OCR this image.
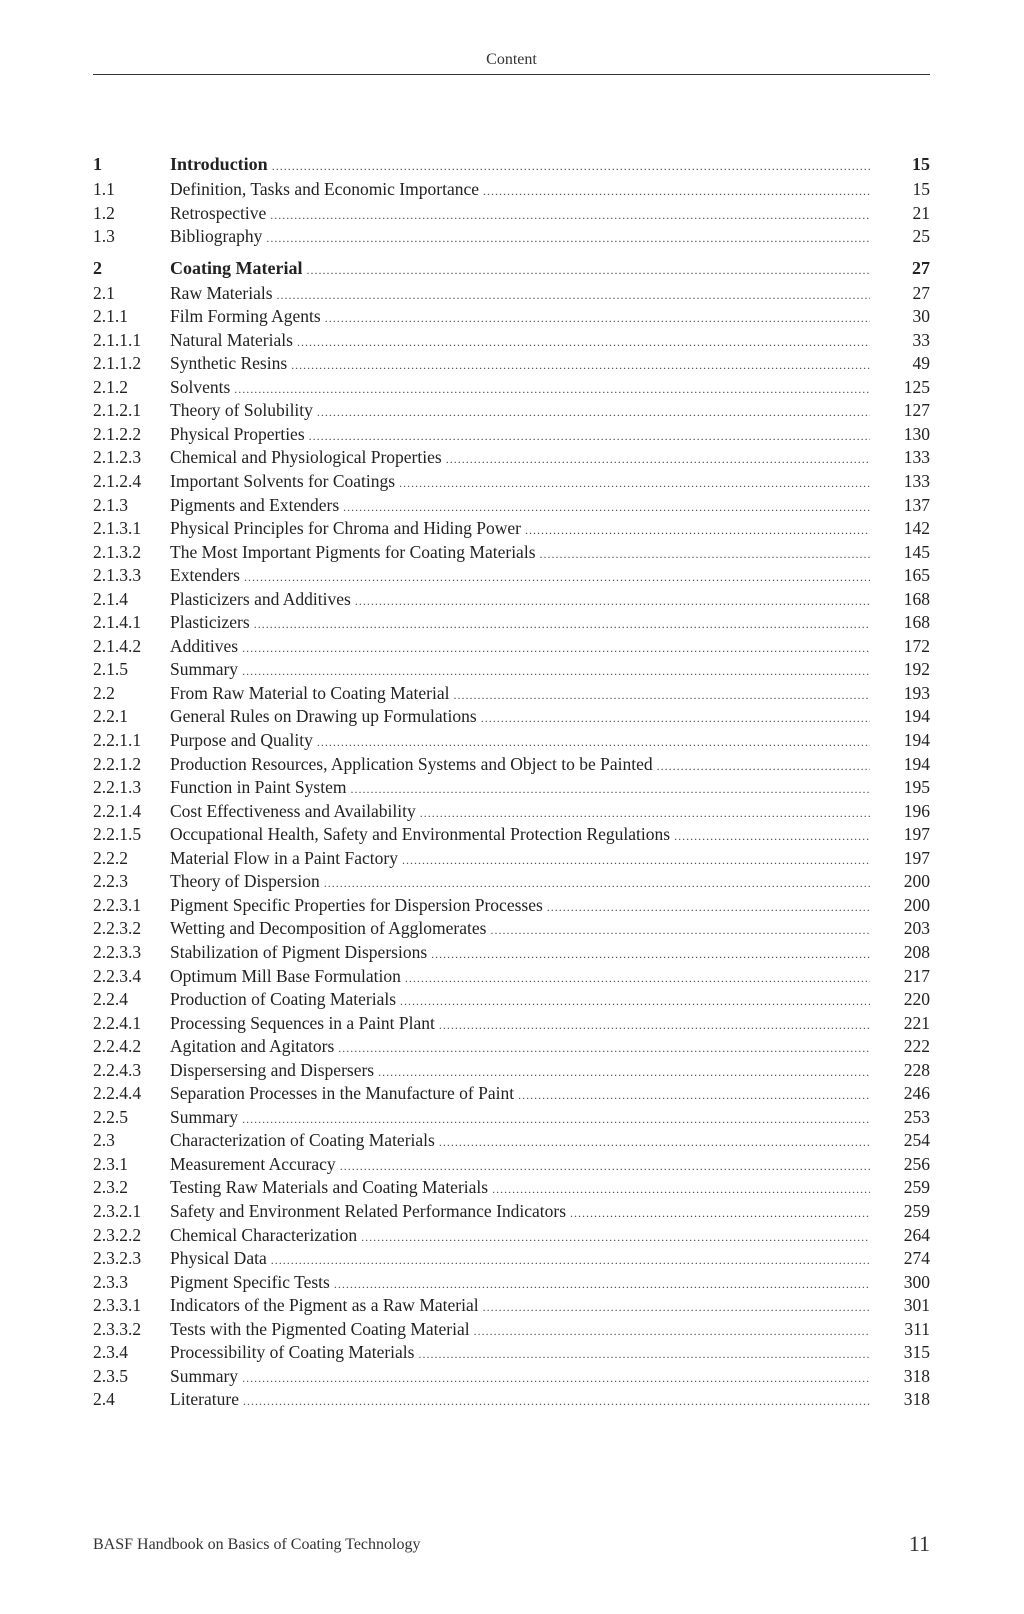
Content
1	Introduction .....	15
1.1	Definition, Tasks and Economic Importance .....	15
1.2	Retrospective .....	21
1.3	Bibliography .....	25
2	Coating Material .....	27
2.1	Raw Materials .....	27
2.1.1	Film Forming Agents .....	30
2.1.1.1	Natural Materials .....	33
2.1.1.2	Synthetic Resins .....	49
2.1.2	Solvents .....	125
2.1.2.1	Theory of Solubility .....	127
2.1.2.2	Physical Properties .....	130
2.1.2.3	Chemical and Physiological Properties .....	133
2.1.2.4	Important Solvents for Coatings .....	133
2.1.3	Pigments and Extenders .....	137
2.1.3.1	Physical Principles for Chroma and Hiding Power .....	142
2.1.3.2	The Most Important Pigments for Coating Materials .....	145
2.1.3.3	Extenders .....	165
2.1.4	Plasticizers and Additives .....	168
2.1.4.1	Plasticizers .....	168
2.1.4.2	Additives .....	172
2.1.5	Summary .....	192
2.2	From Raw Material to Coating Material .....	193
2.2.1	General Rules on Drawing up Formulations .....	194
2.2.1.1	Purpose and Quality .....	194
2.2.1.2	Production Resources, Application Systems and Object to be Painted .....	194
2.2.1.3	Function in Paint System .....	195
2.2.1.4	Cost Effectiveness and Availability .....	196
2.2.1.5	Occupational Health, Safety and Environmental Protection Regulations .....	197
2.2.2	Material Flow in a Paint Factory .....	197
2.2.3	Theory of Dispersion .....	200
2.2.3.1	Pigment Specific Properties for Dispersion Processes .....	200
2.2.3.2	Wetting and Decomposition of Agglomerates .....	203
2.2.3.3	Stabilization of Pigment Dispersions .....	208
2.2.3.4	Optimum Mill Base Formulation .....	217
2.2.4	Production of Coating Materials .....	220
2.2.4.1	Processing Sequences in a Paint Plant .....	221
2.2.4.2	Agitation and Agitators .....	222
2.2.4.3	Dispersersing and Dispersers .....	228
2.2.4.4	Separation Processes in the Manufacture of Paint .....	246
2.2.5	Summary .....	253
2.3	Characterization of Coating Materials .....	254
2.3.1	Measurement Accuracy .....	256
2.3.2	Testing Raw Materials and Coating Materials .....	259
2.3.2.1	Safety and Environment Related Performance Indicators .....	259
2.3.2.2	Chemical Characterization .....	264
2.3.2.3	Physical Data .....	274
2.3.3	Pigment Specific Tests .....	300
2.3.3.1	Indicators of the Pigment as a Raw Material .....	301
2.3.3.2	Tests with the Pigmented Coating Material .....	311
2.3.4	Processibility of Coating Materials .....	315
2.3.5	Summary .....	318
2.4	Literature .....	318
BASF Handbook on Basics of Coating Technology	11
